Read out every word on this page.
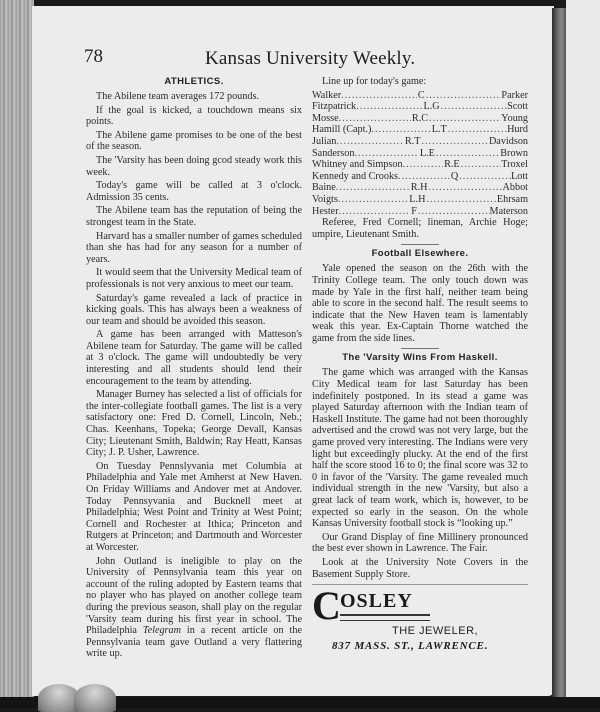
78	Kansas University Weekly.
ATHLETICS.

The Abilene team averages 172 pounds.

If the goal is kicked, a touchdown means six points.

The Abilene game promises to be one of the best of the season.

The 'Varsity has been doing gcod steady work this week.

Today's game will be called at 3 o'clock. Admission 35 cents.

The Abilene team has the reputation of being the strongest team in the State.

Harvard has a smaller number of games scheduled than she has had for any season for a number of years.

It would seem that the University Medical team of professionals is not very anxious to meet our team.

Saturday's game revealed a lack of practice in kicking goals. This has always been a weakness of our team and should be avoided this season.

A game has been arranged with Matteson's Abilene team for Saturday. The game will be called at 3 o'clock. The game will undoubtedly be very interesting and all students should lend their encouragement to the team by attending.

Manager Burney has selected a list of officials for the inter-collegiate football games. The list is a very satisfactory one: Fred D. Cornell, Lincoln, Neb.; Chas. Keenhans, Topeka; George Devall, Kansas City; Lieutenant Smith, Baldwin; Ray Heatt, Kansas City; J. P. Usher, Lawrence.

On Tuesday Pennslyvania met Columbia at Philadelphia and Yale met Amherst at New Haven. On Friday Williams and Andover met at Andover. Today Pennsyvania and Bucknell meet at Philadelphia; West Point and Trinity at West Point; Cornell and Rochester at Ithica; Princeton and Rutgers at Princeton; and Dartmouth and Worcester at Worcester.

John Outland is ineligible to play on the University of Pennsylvania team this year on account of the ruling adopted by Eastern teams that no player who has played on another college team during the previous season, shall play on the regular 'Varsity team during his first year in school. The Philadelphia Telegram in a recent article on the Pennsylvania team gave Outland a very flattering write up.

Line up for today's game:

Walker .....	C .....	Parker
Fitzpatrick .....	L.G .....	Scott
Mosse .....	R.C .....	Young
Hamill (Capt.) .....	L.T .....	Hurd
Julian .....	R.T .....	Davidson
Sanderson .....	L.E .....	Brown
Whitney and Simpson .....	R.E .....	Troxel
Kennedy and Crooks .....	Q .....	Lott
Baine .....	R.H .....	Abbot
Voigts .....	L.H .....	Ehrsam
Hester .....	F .....	Materson

Referee, Fred Cornell; lineman, Archie Hoge; umpire, Lieutenant Smith.

Football Elsewhere.

Yale opened the season on the 26th with the Trinity College team. The only touch down was made by Yale in the first half, neither team being able to score in the second half. The result seems to indicate that the New Haven team is lamentably weak this year. Ex-Captain Thorne watched the game from the side lines.

The 'Varsity Wins From Haskell.

The game which was arranged with the Kansas City Medical team for last Saturday has been indefinitely postponed. In its stead a game was played Saturday afternoon with the Indian team of Haskell Institute. The game had not been thoroughly advertised and the crowd was not very large, but the game proved very interesting. The Indians were very light but exceedingly plucky. At the end of the first half the score stood 16 to 0; the final score was 32 to 0 in favor of the 'Varsity. The game revealed much individual strength in the new 'Varsity, but also a great lack of team work, which is, however, to be expected so early in the season. On the whole Kansas University football stock is “looking up.”

Our Grand Display of fine Millinery pronounced the best ever shown in Lawrence. The Fair.

Look at the University Note Covers in the Basement Supply Store.

C OSLEY
THE JEWELER,
837 MASS. ST., LAWRENCE.
